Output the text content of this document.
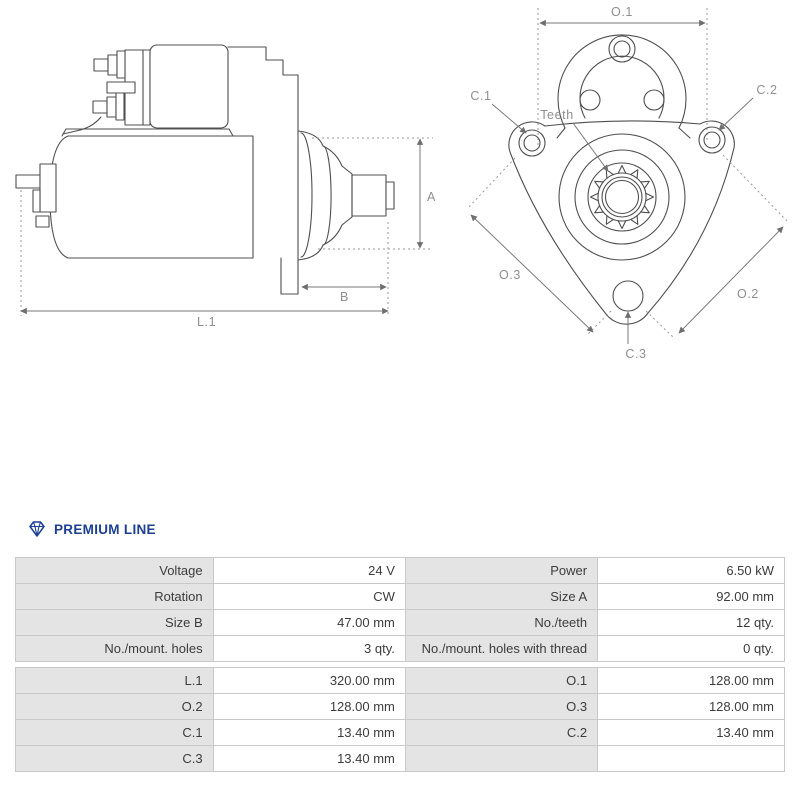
A
B
L.1
O.1
Teeth
C.1	C.2
C.3
O.3
O.2
PREMIUM LINE
Voltage	24 V	Power	6.50 kW
Rotation	CW	Size A	92.00 mm
Size B	47.00 mm	No./teeth	12 qty.
No./mount. holes	3 qty.	No./mount. holes with thread	0 qty.
L.1	320.00 mm	O.1	128.00 mm
O.2	128.00 mm	O.3	128.00 mm
C.1	13.40 mm	C.2	13.40 mm
C.3	13.40 mm		
